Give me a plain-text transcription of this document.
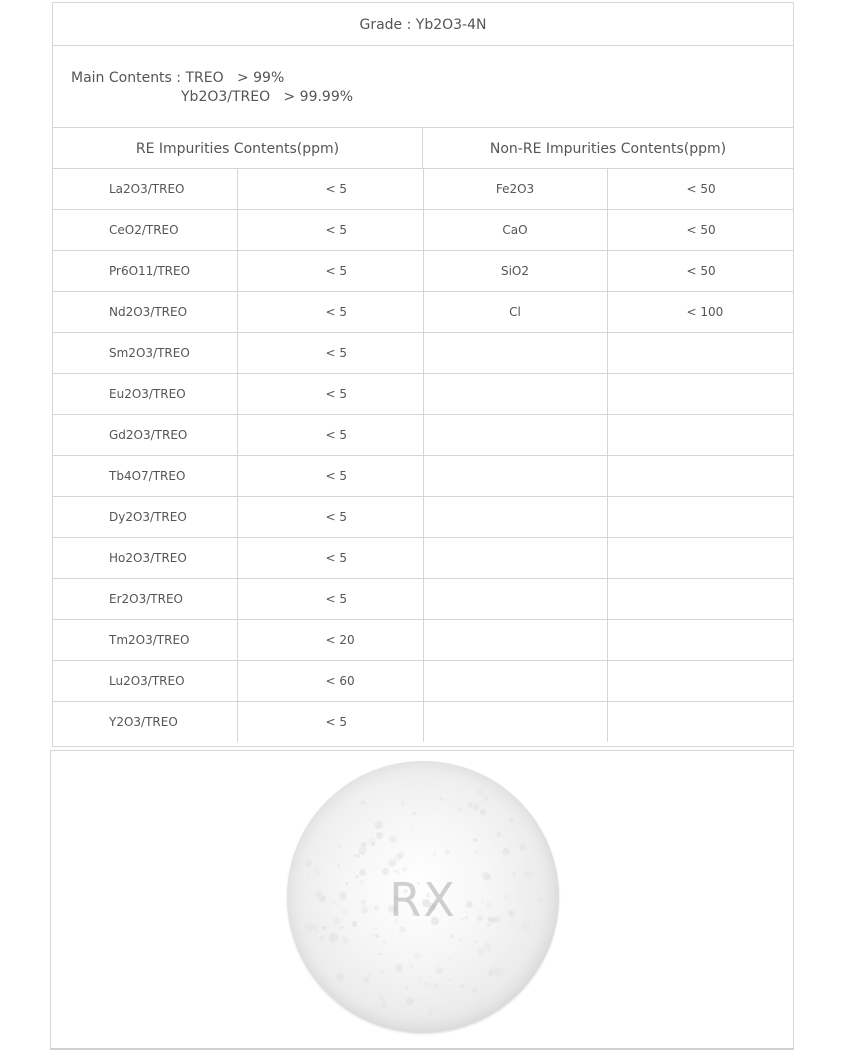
Grade : Yb2O3-4N
Main Contents : TREO   > 99%
Yb2O3/TREO   > 99.99%
RE Impurities Contents(ppm)	Non-RE Impurities Contents(ppm)
La2O3/TREO	< 5	Fe2O3	< 50
CeO2/TREO	< 5	CaO	< 50
Pr6O11/TREO	< 5	SiO2	< 50
Nd2O3/TREO	< 5	Cl	< 100
Sm2O3/TREO	< 5		
Eu2O3/TREO	< 5		
Gd2O3/TREO	< 5		
Tb4O7/TREO	< 5		
Dy2O3/TREO	< 5		
Ho2O3/TREO	< 5		
Er2O3/TREO	< 5		
Tm2O3/TREO	< 20		
Lu2O3/TREO	< 60		
Y2O3/TREO	< 5		
RX
